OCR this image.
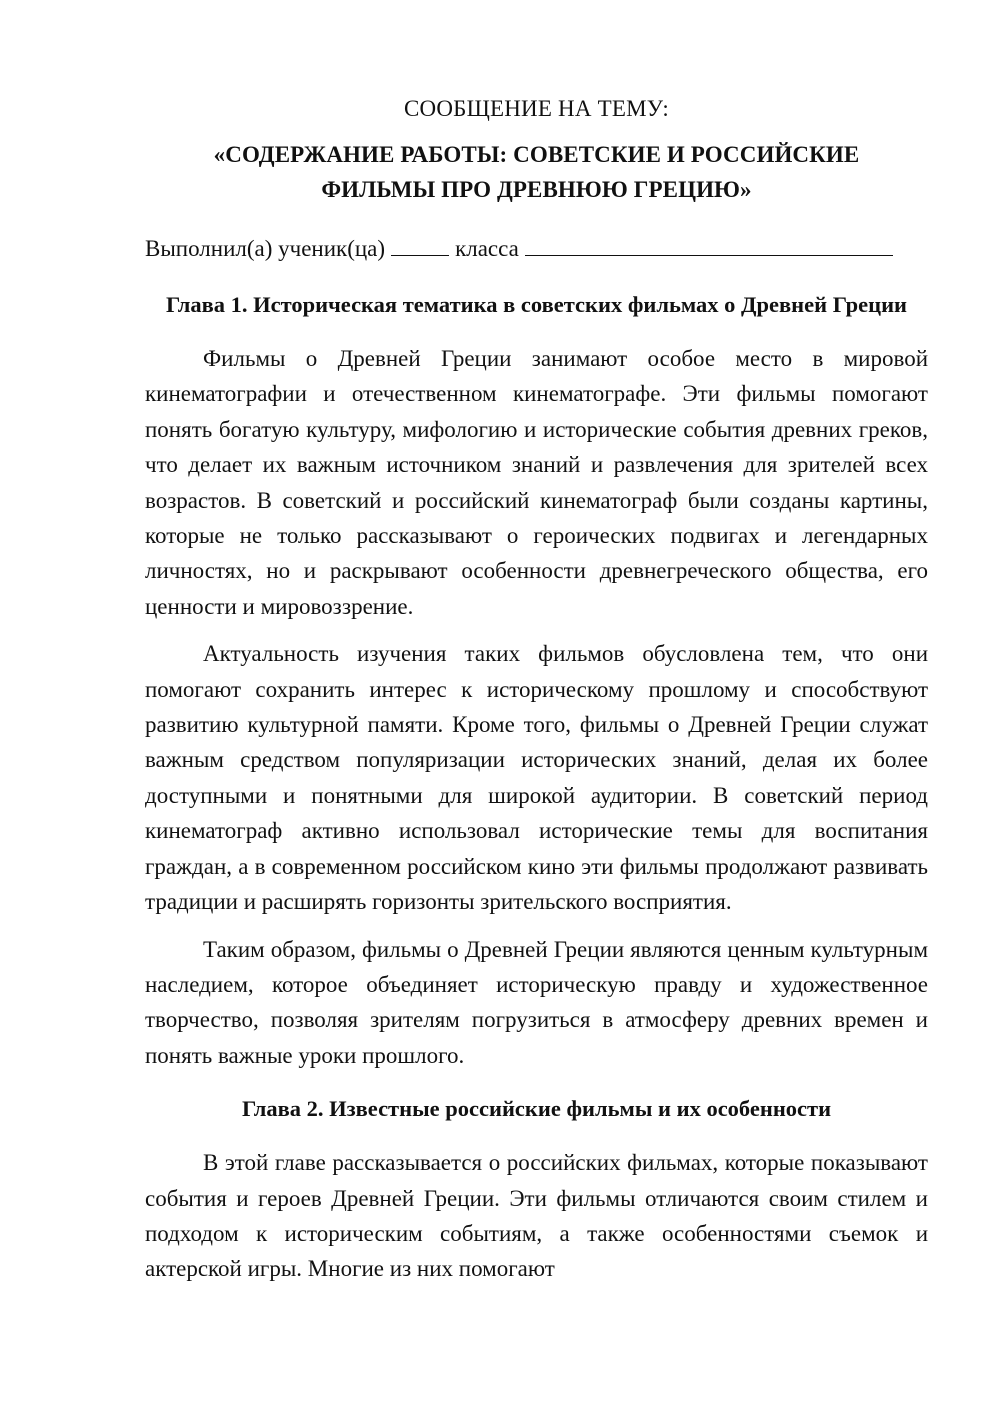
СООБЩЕНИЕ НА ТЕМУ:

«СОДЕРЖАНИЕ РАБОТЫ: СОВЕТСКИЕ И РОССИЙСКИЕ ФИЛЬМЫ ПРО ДРЕВНЮЮ ГРЕЦИЮ»

Выполнил(а) ученик(ца)	класса

Глава 1. Историческая тематика в советских фильмах о Древней Греции

Фильмы о Древней Греции занимают особое место в мировой кинематографии и отечественном кинематографе. Эти фильмы помогают понять богатую культуру, мифологию и исторические события древних греков, что делает их важным источником знаний и развлечения для зрителей всех возрастов. В советский и российский кинематограф были созданы картины, которые не только рассказывают о героических подвигах и легендарных личностях, но и раскрывают особенности древнегреческого общества, его ценности и мировоззрение.

Актуальность изучения таких фильмов обусловлена тем, что они помогают сохранить интерес к историческому прошлому и способствуют развитию культурной памяти. Кроме того, фильмы о Древней Греции служат важным средством популяризации исторических знаний, делая их более доступными и понятными для широкой аудитории. В советский период кинематограф активно использовал исторические темы для воспитания граждан, а в современном российском кино эти фильмы продолжают развивать традиции и расширять горизонты зрительского восприятия.

Таким образом, фильмы о Древней Греции являются ценным культурным наследием, которое объединяет историческую правду и художественное творчество, позволяя зрителям погрузиться в атмосферу древних времен и понять важные уроки прошлого.

Глава 2. Известные российские фильмы и их особенности

В этой главе рассказывается о российских фильмах, которые показывают события и героев Древней Греции. Эти фильмы отличаются своим стилем и подходом к историческим событиям, а также особенностями съемок и актерской игры. Многие из них помогают
